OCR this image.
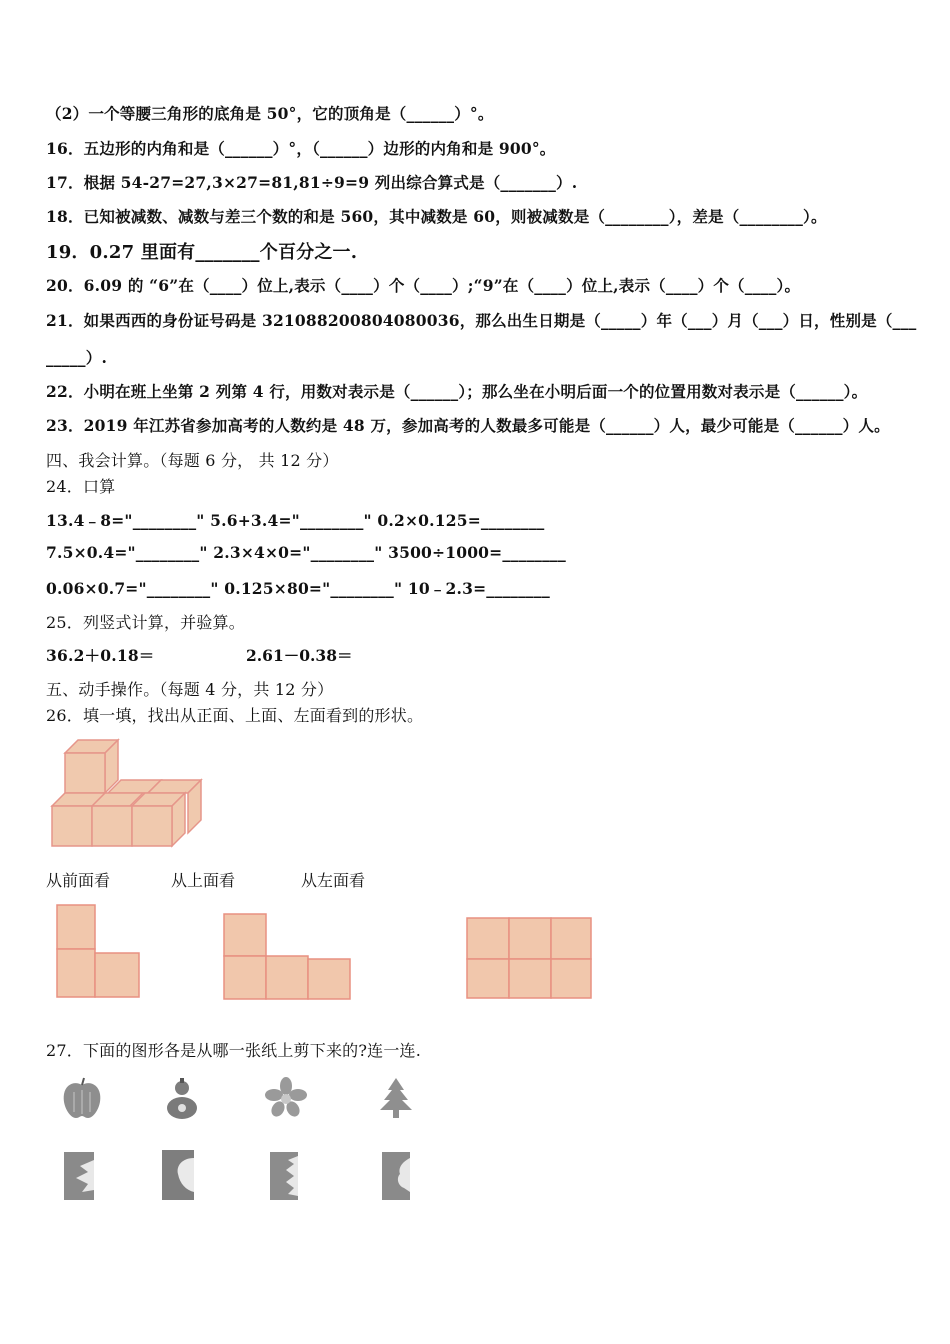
（2）一个等腰三角形的底角是 50°，它的顶角是（______）°。
16．五边形的内角和是（______）°，（______）边形的内角和是 900°。
17．根据 54-27=27,3×27=81,81÷9=9 列出综合算式是（_______）.
18．已知被减数、减数与差三个数的和是 560，其中减数是 60，则被减数是（________），差是（________）。
19．0.27 里面有_______个百分之一.
20．6.09 的 “6”在（____）位上,表示（____）个（____）;“9”在（____）位上,表示（____）个（____）。
21．如果西西的身份证号码是 321088200804080036，那么出生日期是（_____）年（___）月（___）日，性别是（___
_____）.
22．小明在班上坐第 2 列第 4 行，用数对表示是（______）；那么坐在小明后面一个的位置用数对表示是（______）。
23．2019 年江苏省参加高考的人数约是 48 万，参加高考的人数最多可能是（______）人，最少可能是（______）人。
四、我会计算。（每题 6 分， 共 12 分）
24．口算
13.4﹣8="________" 5.6+3.4="________" 0.2×0.125=________
7.5×0.4="________" 2.3×4×0="________" 3500÷1000=________
0.06×0.7="________" 0.125×80="________" 10﹣2.3=________
25．列竖式计算，并验算。
36.2＋0.18＝	2.61－0.38＝
五、动手操作。（每题 4 分，共 12 分）
26．填一填，找出从正面、上面、左面看到的形状。
从前面看	从上面看	从左面看
27．下面的图形各是从哪一张纸上剪下来的?连一连.
